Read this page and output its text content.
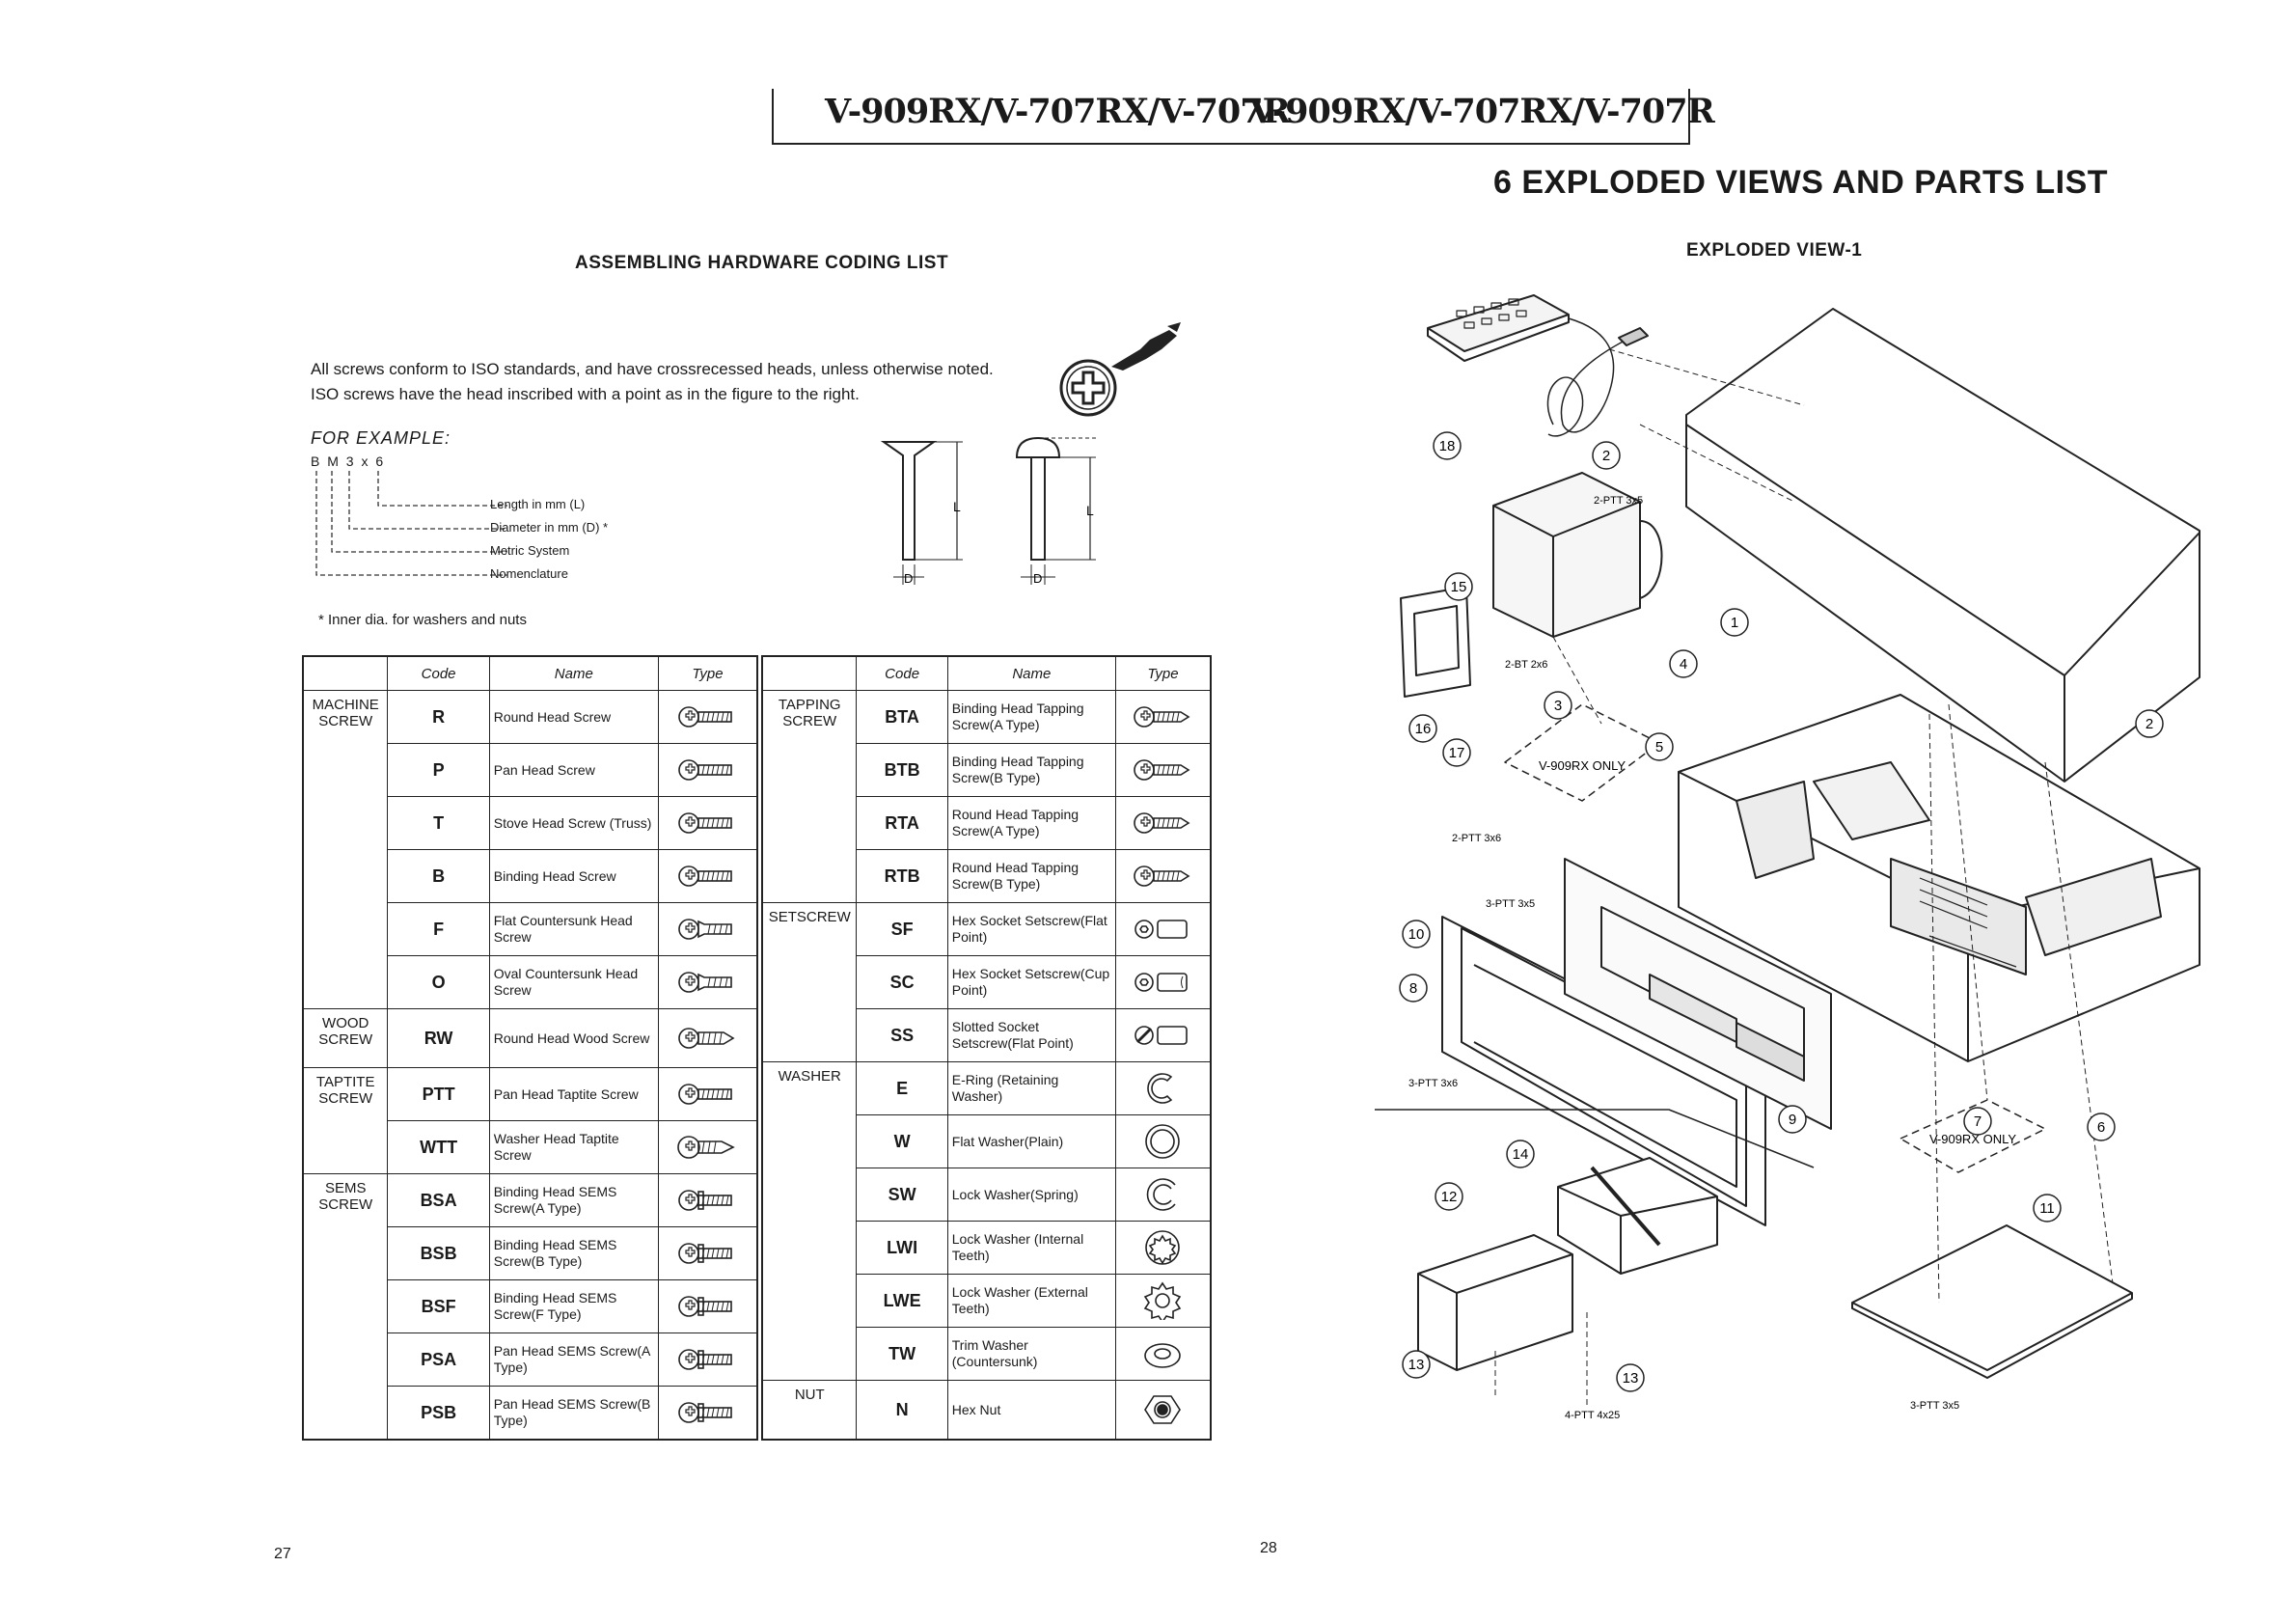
V-909RX/V-707RX/V-707R
V-909RX/V-707RX/V-707R
6 EXPLODED VIEWS AND PARTS LIST
ASSEMBLING HARDWARE CODING LIST
All screws conform to ISO standards, and have crossrecessed heads, unless otherwise noted.
ISO screws have the head inscribed with a point as in the figure to the right.
FOR EXAMPLE:
B M 3 x 6
Length in mm (L)
Diameter in mm (D) *
Metric System
Nomenclature
L	L
D	D
* Inner dia. for washers and nuts
	Code	Name	Type
MACHINE SCREW	R	Round Head Screw	

	P	Pan Head Screw	

	T	Stove Head Screw (Truss)	

	B	Binding Head Screw	

	F	Flat Countersunk Head Screw	

	O	Oval Countersunk Head Screw	

WOOD SCREW	RW	Round Head Wood Screw	

TAPTITE SCREW	PTT	Pan Head Taptite Screw	

	WTT	Washer Head Taptite Screw	

SEMS SCREW	BSA	Binding Head SEMS Screw(A Type)	

	BSB	Binding Head SEMS Screw(B Type)	

	BSF	Binding Head SEMS Screw(F Type)	

	PSA	Pan Head SEMS Screw(A Type)	

	PSB	Pan Head SEMS Screw(B Type)	
	Code	Name	Type
TAPPING SCREW	BTA	Binding Head Tapping Screw(A Type)	

	BTB	Binding Head Tapping Screw(B Type)	

	RTA	Round Head Tapping Screw(A Type)	

	RTB	Round Head Tapping Screw(B Type)	

SETSCREW	SF	Hex Socket Setscrew(Flat Point)	

	SC	Hex Socket Setscrew(Cup Point)	

	SS	Slotted Socket Setscrew(Flat Point)	

WASHER	E	E-Ring (Retaining Washer)	

	W	Flat Washer(Plain)	

	SW	Lock Washer(Spring)	

	LWI	Lock Washer (Internal Teeth)	

	LWE	Lock Washer (External Teeth)	

	TW	Trim Washer (Countersunk)	

NUT	N	Hex Nut	
EXPLODED VIEW-1
18
2
15
16
17
3
1
4
5
2
8
10
9	7	6
11
12
14
13
13
2-PTT 3x5
2-BT 2x6
2-PTT 3x6
3-PTT 3x5
3-PTT 3x6
4-PTT 4x25
3-PTT 3x5
V-909RX ONLY
V-909RX ONLY
27	28
